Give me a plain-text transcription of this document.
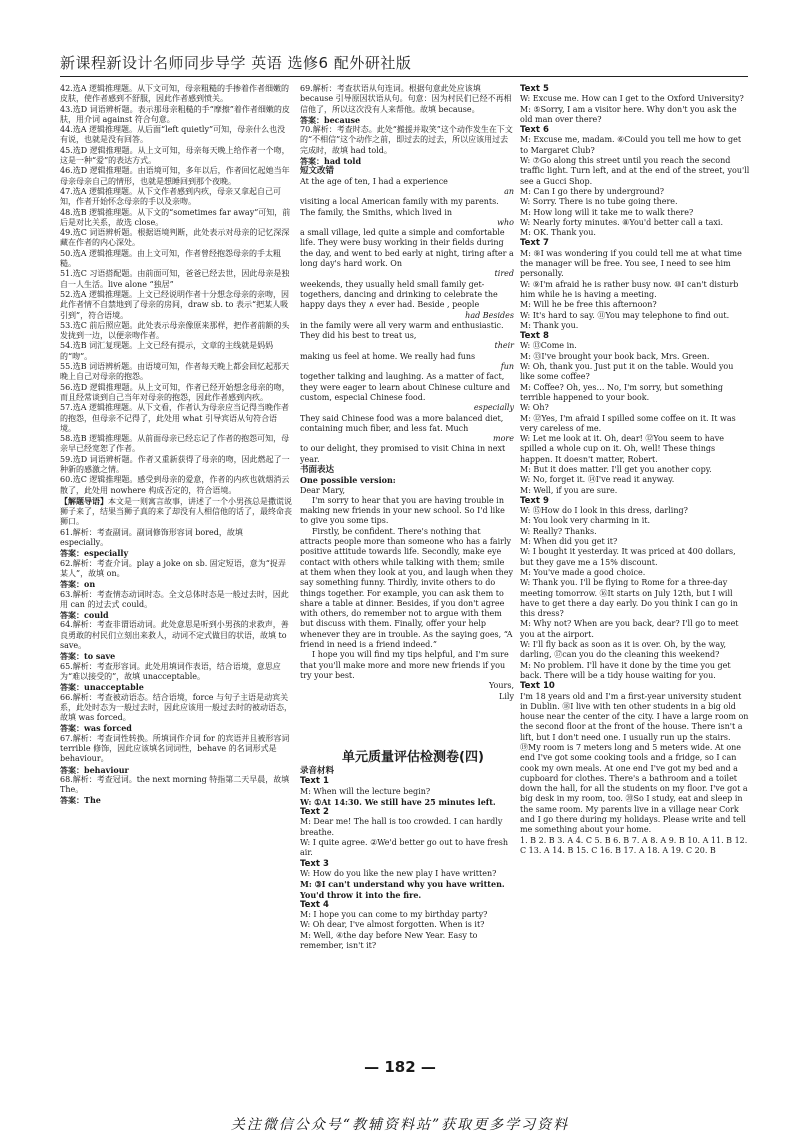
新课程新设计名师同步导学 英语 选修6 配外研社版

42.选A 逻辑推理题。从下文可知，母亲粗糙的手掺着作者细嫩的皮肤，使作者感到不舒服，因此作者感到愤关。

43.选D 词语辨析题。表示那母亲粗糙的手“摩擦”着作者细嫩的皮肤，用介词 against 符合句意。

44.选A 逻辑推理题。从后面“left quietly”可知，母亲什么也没有说，也就是没有回答。

45.选D 逻辑推理题。从上文可知，母亲每天晚上给作者一个吻，这是一种“爱”的表达方式。

46.选D 逻辑推理题。由语境可知，多年以后，作者回忆起她当年母亲母亲自己的情形，也就是想睡回到那个夜晚。

47.选A 逻辑推理题。从下文作者感到内疚，母亲又拿起自己可知，作者开始怀念母亲的手以及亲吻。

48.选B 逻辑推理题。从下文的“sometimes far away”可知，前后是对比关系，故选 close。

49.选C 词语辨析题。根据语境判断，此处表示对母亲的记忆深深藏在作者的内心深处。

50.选A 逻辑推理题。由上文可知，作者曾经抱怨母亲的手太粗糙。

51.选C 习语搭配题。由前面可知，爸爸已经去世，因此母亲是独自一人生活。live alone “独居”

52.选A 逻辑推理题。上文已经说明作者十分想念母亲的亲吻，因此作者情不自禁地到了母亲的房间，draw sb. to 表示“把某人吸引到”，符合语境。

53.选C 前后照应题。此处表示母亲像原来那样，把作者前额的头发拢到一边，以便亲吻作者。

54.选B 词汇复现题。上文已经有提示，文章的主线就是妈妈的“吻”。

55.选B 词语辨析题。由语境可知，作者每天晚上都会回忆起那天晚上自己对母亲的抱怨。

56.选D 逻辑推理题。从上文可知，作者已经开始想念母亲的吻，而且经常谈到自己当年对母亲的抱怨，因此作者感到内疚。

57.选A 逻辑推理题。从下文看，作者认为母亲应当记得当晚作者的抱怨，但母亲不记得了，此处用 what 引导宾语从句符合语境。

58.选B 逻辑推理题。从前面母亲已经忘记了作者的抱怨可知，母亲早已经宽恕了作者。

59.选D 词语辨析题。作者又重新获得了母亲的吻，因此燃起了一种新的感激之情。

60.选C 逻辑推理题。感受到母亲的爱意，作者的内疚也就烟消云散了，此处用 nowhere 构成否定的，符合语境。

【解题导语】本文是一则寓言故事，讲述了一个小男孩总是撒谎说狮子来了，结果当狮子真的来了却没有人相信他的话了，最终命丧狮口。

61.解析：考查副词。副词修饰形容词 bored，故填 especially。

答案：especially

62.解析：考查介词。play a joke on sb. 固定短语，意为“捉弄某人”，故填 on。

答案：on

63.解析：考查情态动词时态。全文总体时态是一般过去时，因此用 can 的过去式 could。

答案：could

64.解析：考查非谓语动词。此处意思是听到小男孩的求救声，善良勇敢的村民们立刻出来救人，动词不定式做目的状语，故填 to save。

答案：to save

65.解析：考查形容词。此处用填词作表语，结合语境，意思应为“难以接受的”，故填 unacceptable。

答案：unacceptable

66.解析：考查被动语态。结合语境，force 与句子主语是动宾关系，此处时态为一般过去时，因此应该用一般过去时的被动语态，故填 was forced。

答案：was forced

67.解析：考查词性转换。所填词作介词 for 的宾语并且被形容词 terrible 修饰，因此应该填名词词性，behave 的名词形式是 behaviour。

答案：behaviour

68.解析：考查冠词。the next morning 特指第二天早晨，故填 The。

答案：The

69.解析：考查状语从句连词。根据句意此处应该填 because 引导原因状语从句。句意：因为村民们已经不再相信他了，所以这次没有人来帮他。故填 because。

答案：because

70.解析：考查时态。此处“搬援并取笑”这个动作发生在下文的“不相信”这个动作之前，即过去的过去，所以应该用过去完成时，故填 had told。

答案：had told

短文改错

At the age of ten, I had a experience

an

visiting a local American family with my parents. The family, the Smiths, which lived in

who

a small village, led quite a simple and comfortable life. They were busy working in their fields during the day, and went to bed early at night, tiring after a long day's hard work. On

tired

weekends, they usually held small family get-togethers, dancing and drinking to celebrate the happy days they ∧ ever had. Beside , people

had Besides

in the family were all very warm and enthusiastic. They did his best to treat us,

their

making us feel at home. We really had funs

fun

together talking and laughing. As a matter of fact, they were eager to learn about Chinese culture and custom, especial Chinese food.

especially

They said Chinese food was a more balanced diet, containing much fiber, and less fat. Much

more

to our delight, they promised to visit China in next year.

书面表达

One possible version:

Dear Mary,

I'm sorry to hear that you are having trouble in making new friends in your new school. So I'd like to give you some tips.

Firstly, be confident. There's nothing that attracts people more than someone who has a fairly positive attitude towards life. Secondly, make eye contact with others while talking with them; smile at them when they look at you, and laugh when they say something funny. Thirdly, invite others to do things together. For example, you can ask them to share a table at dinner. Besides, if you don't agree with others, do remember not to argue with them but discuss with them. Finally, offer your help whenever they are in trouble. As the saying goes, “A friend in need is a friend indeed.”

I hope you will find my tips helpful, and I'm sure that you'll make more and more new friends if you try your best.

Yours,

Lily

单元质量评估检测卷(四)

录音材料

Text 1

M: When will the lecture begin?

W: ①At 14:30. We still have 25 minutes left.

Text 2

M: Dear me! The hall is too crowded. I can hardly breathe.

W: I quite agree. ②We'd better go out to have fresh air.

Text 3

W: How do you like the new play I have written?

M: ③I can't understand why you have written. You'd throw it into the fire.

Text 4

M: I hope you can come to my birthday party?

W: Oh dear, I've almost forgotten. When is it?

M: Well, ④the day before New Year. Easy to remember, isn't it?

Text 5

W: Excuse me. How can I get to the Oxford University?

M: ⑤Sorry, I am a visitor here. Why don't you ask the old man over there?

Text 6

M: Excuse me, madam. ⑥Could you tell me how to get to Margaret Club?

W: ⑦Go along this street until you reach the second traffic light. Turn left, and at the end of the street, you'll see a Gucci Shop.

M: Can I go there by underground?

W: Sorry. There is no tube going there.

M: How long will it take me to walk there?

W: Nearly forty minutes. ⑧You'd better call a taxi.

M: OK. Thank you.

Text 7

M: ⑨I was wondering if you could tell me at what time the manager will be free. You see, I need to see him personally.

W: ⑨I'm afraid he is rather busy now. ⑩I can't disturb him while he is having a meeting.

M: Will he be free this afternoon?

W: It's hard to say. ⑪You may telephone to find out.

M: Thank you.

Text 8

W: ⑬Come in.

M: ⑬I've brought your book back, Mrs. Green.

W: Oh, thank you. Just put it on the table. Would you like some coffee?

M: Coffee? Oh, yes… No, I'm sorry, but something terrible happened to your book.

W: Oh?

M: ⑫Yes, I'm afraid I spilled some coffee on it. It was very careless of me.

W: Let me look at it. Oh, dear! ⑫You seem to have spilled a whole cup on it. Oh, well! These things happen. It doesn't matter, Robert.

M: But it does matter. I'll get you another copy.

W: No, forget it. ⑭I've read it anyway.

M: Well, if you are sure.

Text 9

W: ⑮How do I look in this dress, darling?

M: You look very charming in it.

W: Really? Thanks.

M: When did you get it?

W: I bought it yesterday. It was priced at 400 dollars, but they gave me a 15% discount.

M: You've made a good choice.

W: Thank you. I'll be flying to Rome for a three-day meeting tomorrow. ⑯It starts on July 12th, but I will have to get there a day early. Do you think I can go in this dress?

M: Why not? When are you back, dear? I'll go to meet you at the airport.

W: I'll fly back as soon as it is over. Oh, by the way, darling, ⑰can you do the cleaning this weekend?

M: No problem. I'll have it done by the time you get back. There will be a tidy house waiting for you.

Text 10

I'm 18 years old and I'm a first-year university student in Dublin. ⑱I live with ten other students in a big old house near the center of the city. I have a large room on the second floor at the front of the house. There isn't a lift, but I don't need one. I usually run up the stairs. ⑲My room is 7 meters long and 5 meters wide. At one end I've got some cooking tools and a fridge, so I can cook my own meals. At one end I've got my bed and a cupboard for clothes. There's a bathroom and a toilet down the hall, for all the students on my floor. I've got a big desk in my room, too. ⑳So I study, eat and sleep in the same room. My parents live in a village near Cork and I go there during my holidays. Please write and tell me something about your home.

1. B 2. B 3. A 4. C 5. B 6. B 7. A 8. A 9. B 10. A 11. B 12. C 13. A 14. B 15. C 16. B 17. A 18. A 19. C 20. B

— 182 —
关注微信公众号“教辅资料站”获取更多学习资料
